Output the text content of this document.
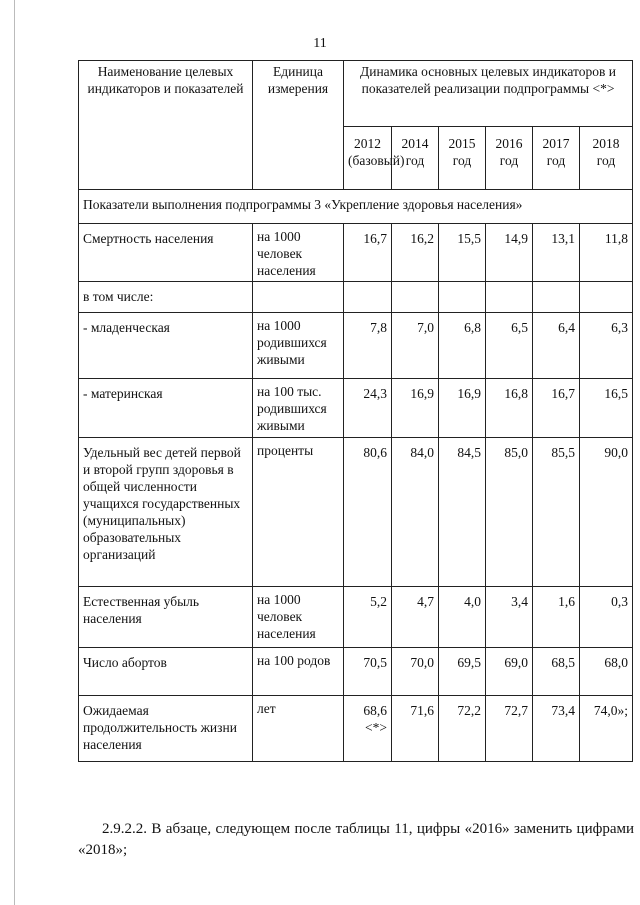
11
Наименование целевых индикаторов и показателей	Единица измерения	Динамика основных целевых индикаторов и показателей реализации подпрограммы <*>					
		2012 (базовый)	2014 год	2015 год	2016 год	2017 год	2018 год
Показатели выполнения подпрограммы 3 «Укрепление здоровья населения»							
Смертность населения	на 1000 человек населения	16,7	16,2	15,5	14,9	13,1	11,8
в том числе:							
- младенческая	на 1000 родившихся живыми	7,8	7,0	6,8	6,5	6,4	6,3
- материнская	на 100 тыс. родившихся живыми	24,3	16,9	16,9	16,8	16,7	16,5
Удельный вес детей первой и второй групп здоровья в общей численности учащихся государственных (муниципальных) образовательных организаций	проценты	80,6	84,0	84,5	85,0	85,5	90,0
Естественная убыль населения	на 1000 человек населения	5,2	4,7	4,0	3,4	1,6	0,3
Число абортов	на 100 родов	70,5	70,0	69,5	69,0	68,5	68,0
Ожидаемая продолжительность жизни населения	лет	68,6 <*>	71,6	72,2	72,7	73,4	74,0»;
2.9.2.2. В абзаце, следующем после таблицы 11, цифры «2016» заменить цифрами «2018»;
